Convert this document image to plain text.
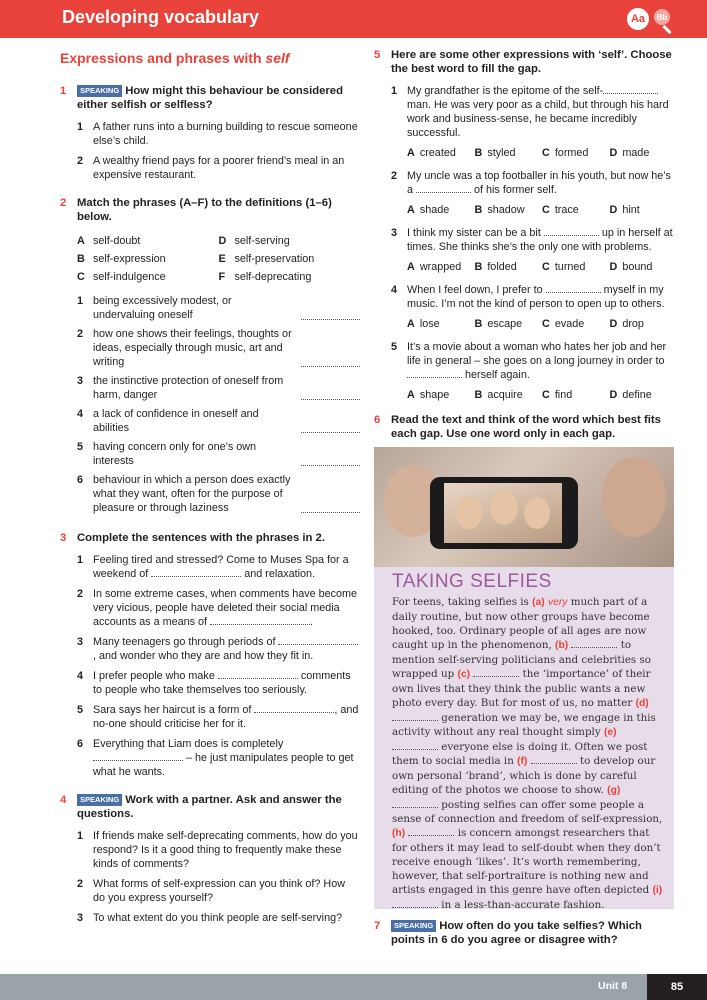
Developing vocabulary	Aa	Bb
Expressions and phrases with self
1	SPEAKING How might this behaviour be considered either selfish or selfless?
1 A father runs into a burning building to rescue someone else’s child.
2 A wealthy friend pays for a poorer friend’s meal in an expensive restaurant.
2 Match the phrases (A–F) to the definitions (1–6) below.
A self-doubt	D self-serving
B self-expression	E self-preservation
C self-indulgence	F self-deprecating
1 being excessively modest, or undervaluing oneself
2 how one shows their feelings, thoughts or ideas, especially through music, art and writing
3 the instinctive protection of oneself from harm, danger
4 a lack of confidence in oneself and abilities
5 having concern only for one’s own interests
6 behaviour in which a person does exactly what they want, often for the purpose of pleasure or through laziness
3 Complete the sentences with the phrases in 2.
1 Feeling tired and stressed? Come to Muses Spa for a weekend of	and relaxation.
2 In some extreme cases, when comments have become very vicious, people have deleted their social media accounts as a means of	.
3 Many teenagers go through periods of , and wonder who they are and how they fit in.
4 I prefer people who make	comments to people who take themselves too seriously.
5 Sara says her haircut is a form of	, and no-one should criticise her for it.
6 Everything that Liam does is completely  – he just manipulates people to get what he wants.
4	SPEAKING Work with a partner. Ask and answer the questions.
1 If friends make self-deprecating comments, how do you respond? Is it a good thing to frequently make these kinds of comments?
2 What forms of self-expression can you think of? How do you express yourself?
3 To what extent do you think people are self-serving?
5 Here are some other expressions with ‘self’. Choose the best word to fill the gap.
1 My grandfather is the epitome of the self- man. He was very poor as a child, but through his hard work and business-sense, he became incredibly successful.
A created	B styled	C formed	D made
2 My uncle was a top footballer in his youth, but now he’s a	of his former self.
A shade	B shadow	C trace	D hint
3 I think my sister can be a bit	up in herself at times. She thinks she’s the only one with problems.
A wrapped	B folded	C turned	D bound
4 When I feel down, I prefer to	myself in my music. I’m not the kind of person to open up to others.
A lose	B escape	C evade	D drop
5 It’s a movie about a woman who hates her job and her life in general – she goes on a long journey in order to  herself again.
A shape	B acquire	C find	D define
6 Read the text and think of the word which best fits each gap. Use one word only in each gap.
TAKING SELFIES
For teens, taking selfies is (a) very much part of a daily routine, but now other groups have become hooked, too. Ordinary people of all ages are now caught up in the phenomenon, (b)	to mention self-serving politicians and celebrities so wrapped up (c)	the ‘importance’ of their own lives that they think the public wants a new photo every day. But for most of us, no matter (d)  generation we may be, we engage in this activity without any real thought simply (e)  everyone else is doing it. Often we post them to social media in (f)	to develop our own personal ‘brand’, which is done by careful editing of the photos we choose to show. (g)  posting selfies can offer some people a sense of connection and freedom of self-expression, (h)	is concern amongst researchers that for others it may lead to self-doubt when they don’t receive enough ‘likes’. It’s worth remembering, however, that self-portraiture is nothing new and artists engaged in this genre have often depicted (i)  in a less-than-accurate fashion.
7	SPEAKING How often do you take selfies? Which points in 6 do you agree or disagree with?
Unit 8	85
